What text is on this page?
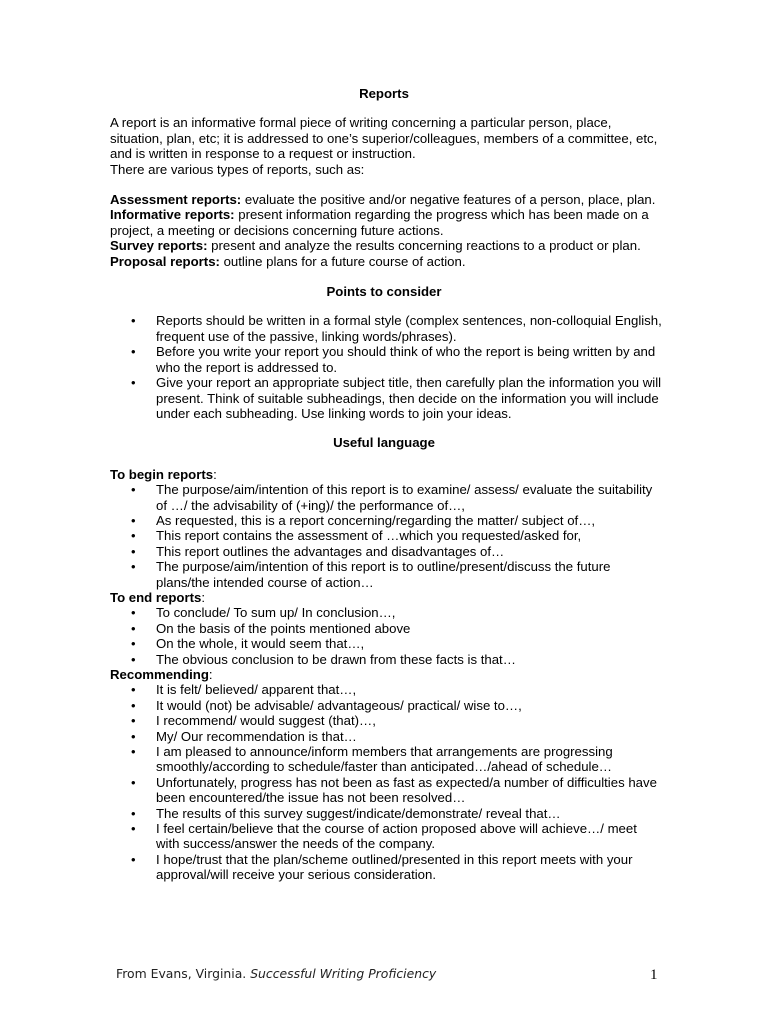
Reports

A report is an informative formal piece of writing concerning a particular person, place, situation, plan, etc; it is addressed to one’s superior/colleagues, members of a committee, etc, and is written in response to a request or instruction.

There are various types of reports, such as:

Assessment reports: evaluate the positive and/or negative features of a person, place, plan.

Informative reports: present information regarding the progress which has been made on a project, a meeting or decisions concerning future actions.

Survey reports: present and analyze the results concerning reactions to a product or plan.

Proposal reports: outline plans for a future course of action.

Points to consider
• Reports should be written in a formal style (complex sentences, non-colloquial English, frequent use of the passive, linking words/phrases).
• Before you write your report you should think of who the report is being written by and who the report is addressed to.
• Give your report an appropriate subject title, then carefully plan the information you will present. Think of suitable subheadings, then decide on the information you will include under each subheading. Use linking words to join your ideas.
Useful language

To begin reports:

• The purpose/aim/intention of this report is to examine/ assess/ evaluate the suitability of …/ the advisability of (+ing)/ the performance of…,
• As requested, this is a report concerning/regarding the matter/ subject of…,
• This report contains the assessment of …which you requested/asked for,
• This report outlines the advantages and disadvantages of…
• The purpose/aim/intention of this report is to outline/present/discuss the future plans/the intended course of action…

To end reports:

• To conclude/ To sum up/ In conclusion…,
• On the basis of the points mentioned above
• On the whole, it would seem that…,
• The obvious conclusion to be drawn from these facts is that…

Recommending:

• It is felt/ believed/ apparent that…,
• It would (not) be advisable/ advantageous/ practical/ wise to…,
• I recommend/ would suggest (that)…,
• My/ Our recommendation is that…
• I am pleased to announce/inform members that arrangements are progressing smoothly/according to schedule/faster than anticipated…/ahead of schedule…
• Unfortunately, progress has not been as fast as expected/a number of difficulties have been encountered/the issue has not been resolved…
• The results of this survey suggest/indicate/demonstrate/ reveal that…
• I feel certain/believe that the course of action proposed above will achieve…/ meet with success/answer the needs of the company.
• I hope/trust that the plan/scheme outlined/presented in this report meets with your approval/will receive your serious consideration.
From Evans, Virginia. Successful Writing Proficiency	1
